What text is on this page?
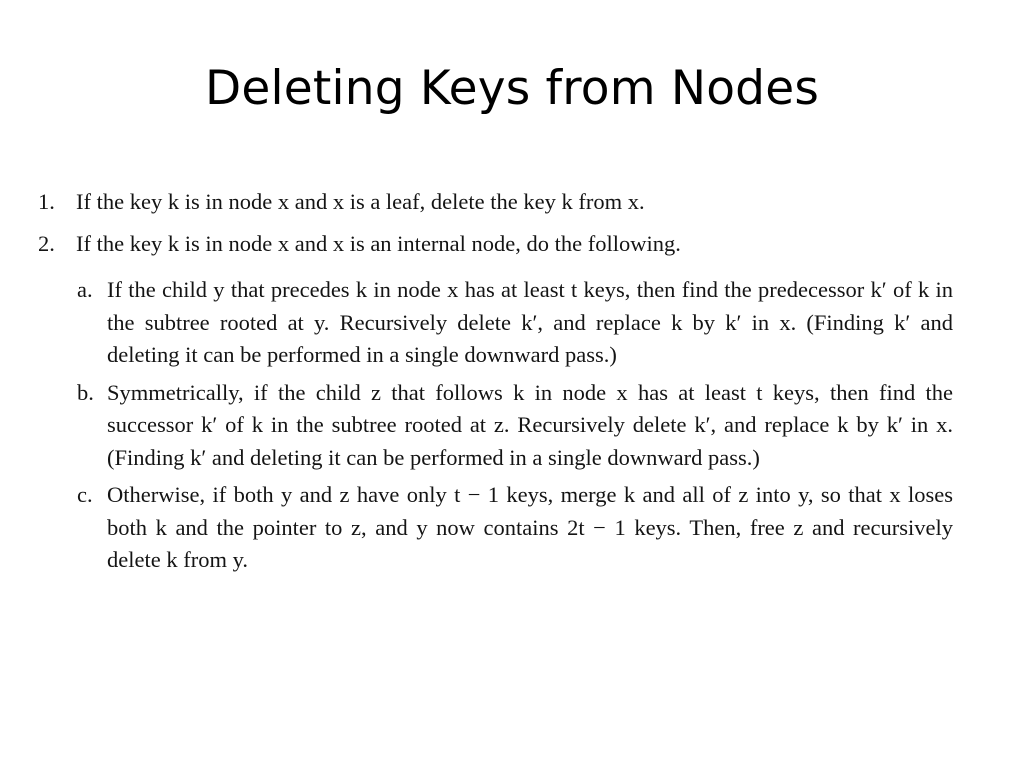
Deleting Keys from Nodes
1. If the key k is in node x and x is a leaf, delete the key k from x.

2. If the key k is in node x and x is an internal node, do the following.

a. If the child y that precedes k in node x has at least t keys, then find the predecessor k′ of k in the subtree rooted at y. Recursively delete k′, and replace k by k′ in x. (Finding k′ and deleting it can be performed in a single downward pass.)

b. Symmetrically, if the child z that follows k in node x has at least t keys, then find the successor k′ of k in the subtree rooted at z. Recursively delete k′, and replace k by k′ in x. (Finding k′ and deleting it can be performed in a single downward pass.)

c. Otherwise, if both y and z have only t − 1 keys, merge k and all of z into y, so that x loses both k and the pointer to z, and y now contains 2t − 1 keys. Then, free z and recursively delete k from y.
